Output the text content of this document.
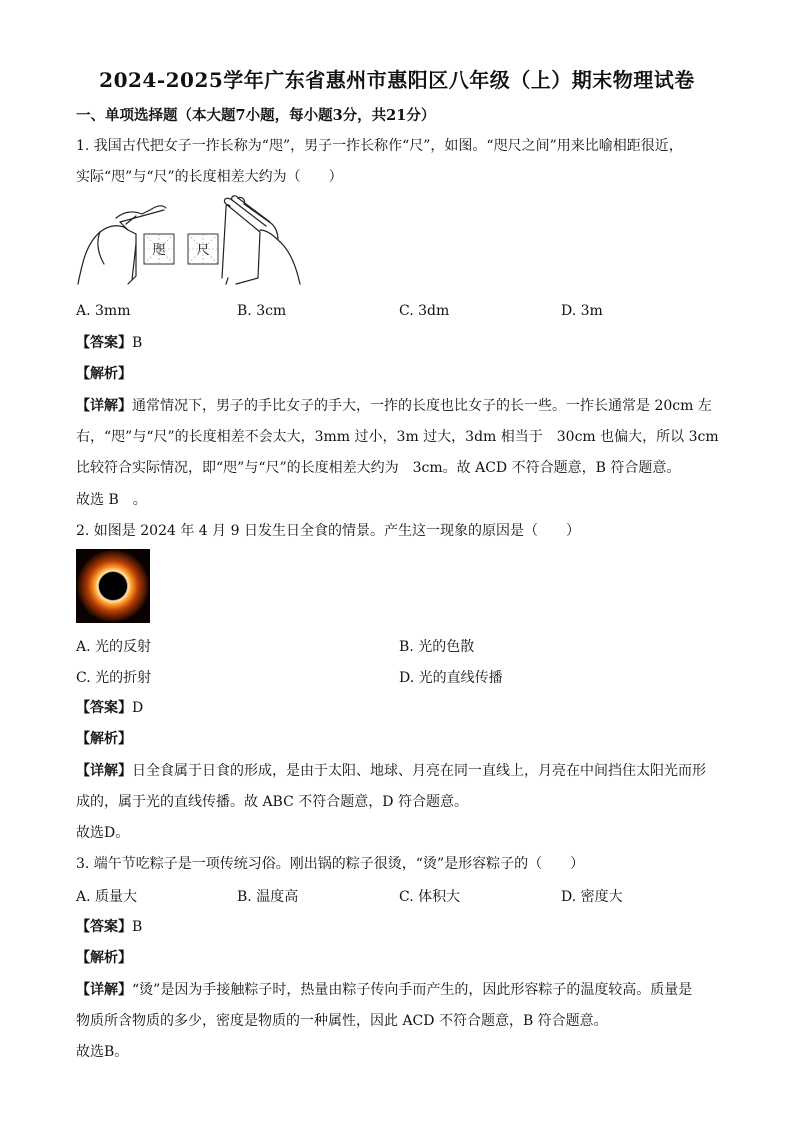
2024-2025学年广东省惠州市惠阳区八年级（上）期末物理试卷
一、单项选择题（本大题7小题，每小题3分，共21分）
1. 我国古代把女子一拃长称为“咫”，男子一拃长称作“尺”，如图。“咫尺之间”用来比喻相距很近，
实际“咫”与“尺”的长度相差大约为（　　）
咫 尺
A. 3mm	B. 3cm	C. 3dm	D. 3m
【答案】B
【解析】
【详解】通常情况下，男子的手比女子的手大，一拃的长度也比女子的长一些。一拃长通常是 20cm 左
右，“咫”与“尺”的长度相差不会太大，3mm 过小，3m 过大，3dm 相当于　30cm 也偏大，所以 3cm
比较符合实际情况，即“咫”与“尺”的长度相差大约为　3cm。故 ACD 不符合题意，B 符合题意。
故选 B　。
2. 如图是 2024 年 4 月 9 日发生日全食的情景。产生这一现象的原因是（　　）
A. 光的反射	B. 光的色散
C. 光的折射	D. 光的直线传播
【答案】D
【解析】
【详解】日全食属于日食的形成，是由于太阳、地球、月亮在同一直线上，月亮在中间挡住太阳光而形
成的，属于光的直线传播。故 ABC 不符合题意，D 符合题意。
故选D。
3. 端午节吃粽子是一项传统习俗。刚出锅的粽子很烫，“烫”是形容粽子的（　　）
A. 质量大	B. 温度高	C. 体积大	D. 密度大
【答案】B
【解析】
【详解】“烫”是因为手接触粽子时，热量由粽子传向手而产生的，因此形容粽子的温度较高。质量是
物质所含物质的多少，密度是物质的一种属性，因此 ACD 不符合题意，B 符合题意。
故选B。
